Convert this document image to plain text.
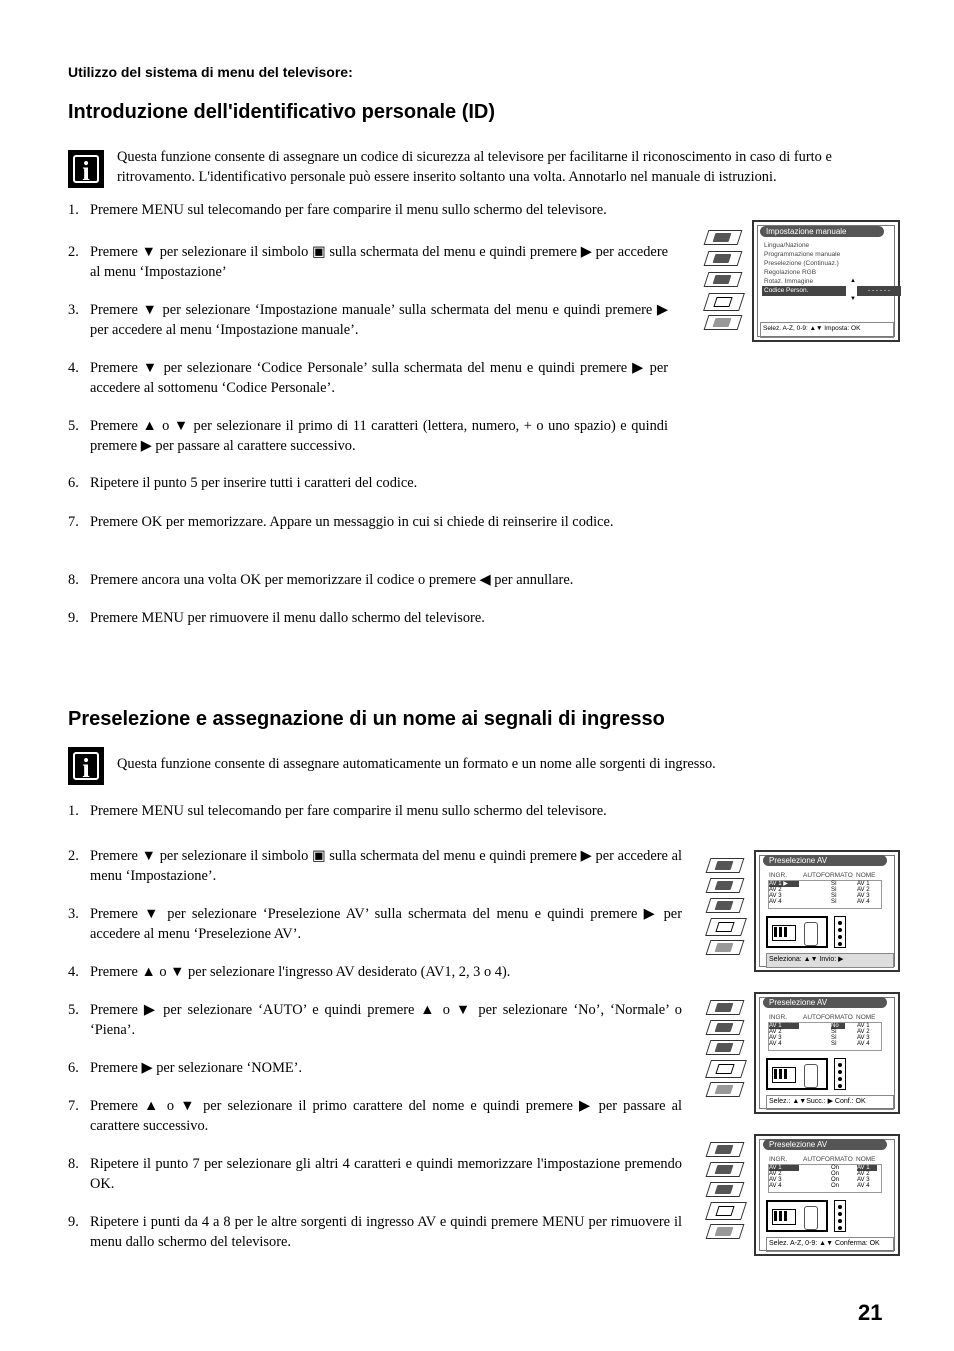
Utilizzo del sistema di menu del televisore:
Introduzione dell'identificativo personale (ID)
i	Questa funzione consente di assegnare un codice di sicurezza al televisore per facilitarne il riconoscimento in caso di furto e ritrovamento. L'identificativo personale può essere inserito soltanto una volta. Annotarlo nel manuale di istruzioni.
1. Premere MENU sul telecomando per fare comparire il menu sullo schermo del televisore.
2. Premere ▼ per selezionare il simbolo ▣ sulla schermata del menu e quindi premere ▶ per accedere al menu ‘Impostazione’
3. Premere ▼ per selezionare ‘Impostazione manuale’ sulla schermata del menu e quindi premere ▶ per accedere al menu ‘Impostazione manuale’.
4. Premere ▼ per selezionare ‘Codice Personale’ sulla schermata del menu e quindi premere ▶ per accedere al sottomenu ‘Codice Personale’.
5. Premere ▲ o ▼ per selezionare il primo di 11 caratteri (lettera, numero, + o uno spazio) e quindi premere ▶ per passare al carattere successivo.
6. Ripetere il punto 5 per inserire tutti i caratteri del codice.
7. Premere OK per memorizzare. Appare un messaggio in cui si chiede di reinserire il codice.
8. Premere ancora una volta OK per memorizzare il codice o premere ◀ per annullare.
9. Premere MENU per rimuovere il menu dallo schermo del televisore.
Impostazione manuale
Lingua/Nazione
Programmazione manuale
Preselezione (Continuaz.)
Regolazione RGB
Rotaz. Immagine
Codice Person.
▲
▼
- - - - - -
Selez. A-Z, 0-9: ▲▼ Imposta: OK
Preselezione e assegnazione di un nome ai segnali di ingresso
i	Questa funzione consente di assegnare automaticamente un formato e un nome alle sorgenti di ingresso.
1. Premere MENU sul telecomando per fare comparire il menu sullo schermo del televisore.
2. Premere ▼ per selezionare il simbolo ▣ sulla schermata del menu e quindi premere ▶ per accedere al menu ‘Impostazione’.
3. Premere ▼ per selezionare ‘Preselezione AV’ sulla schermata del menu e quindi premere ▶ per accedere al menu ‘Preselezione AV’.
4. Premere ▲ o ▼ per selezionare l'ingresso AV desiderato (AV1, 2, 3 o 4).
5. Premere ▶ per selezionare ‘AUTO’ e quindi premere ▲ o ▼ per selezionare ‘No’, ‘Normale’ o ‘Piena’.
6. Premere ▶ per selezionare ‘NOME’.
7. Premere ▲ o ▼ per selezionare il primo carattere del nome e quindi premere ▶ per passare al carattere successivo.
8. Ripetere il punto 7 per selezionare gli altri 4 caratteri e quindi memorizzare l'impostazione premendo OK.
9. Ripetere i punti da 4 a 8 per le altre sorgenti di ingresso AV e quindi premere MENU per rimuovere il menu dallo schermo del televisore.
Preselezione AV
INGR. AUTOFORMATO NOME
AV 1 ▶	Sì	AV 1
AV 2	Sì	AV 2
AV 3	Sì	AV 3
AV 4	Sì	AV 4
Seleziona: ▲▼ Invio: ▶
Preselezione AV
INGR. AUTOFORMATO NOME
AV 1	No	AV 1
AV 2	Sì	AV 2
AV 3	Sì	AV 3
AV 4	Sì	AV 4
Selez.: ▲▼Succ.: ▶ Conf.: OK
Preselezione AV
INGR. AUTOFORMATO NOME
AV 1	On	AV 1
AV 2	On	AV 2
AV 3	On	AV 3
AV 4	On	AV 4
Selez. A-Z, 0-9: ▲▼ Conferma: OK
21
